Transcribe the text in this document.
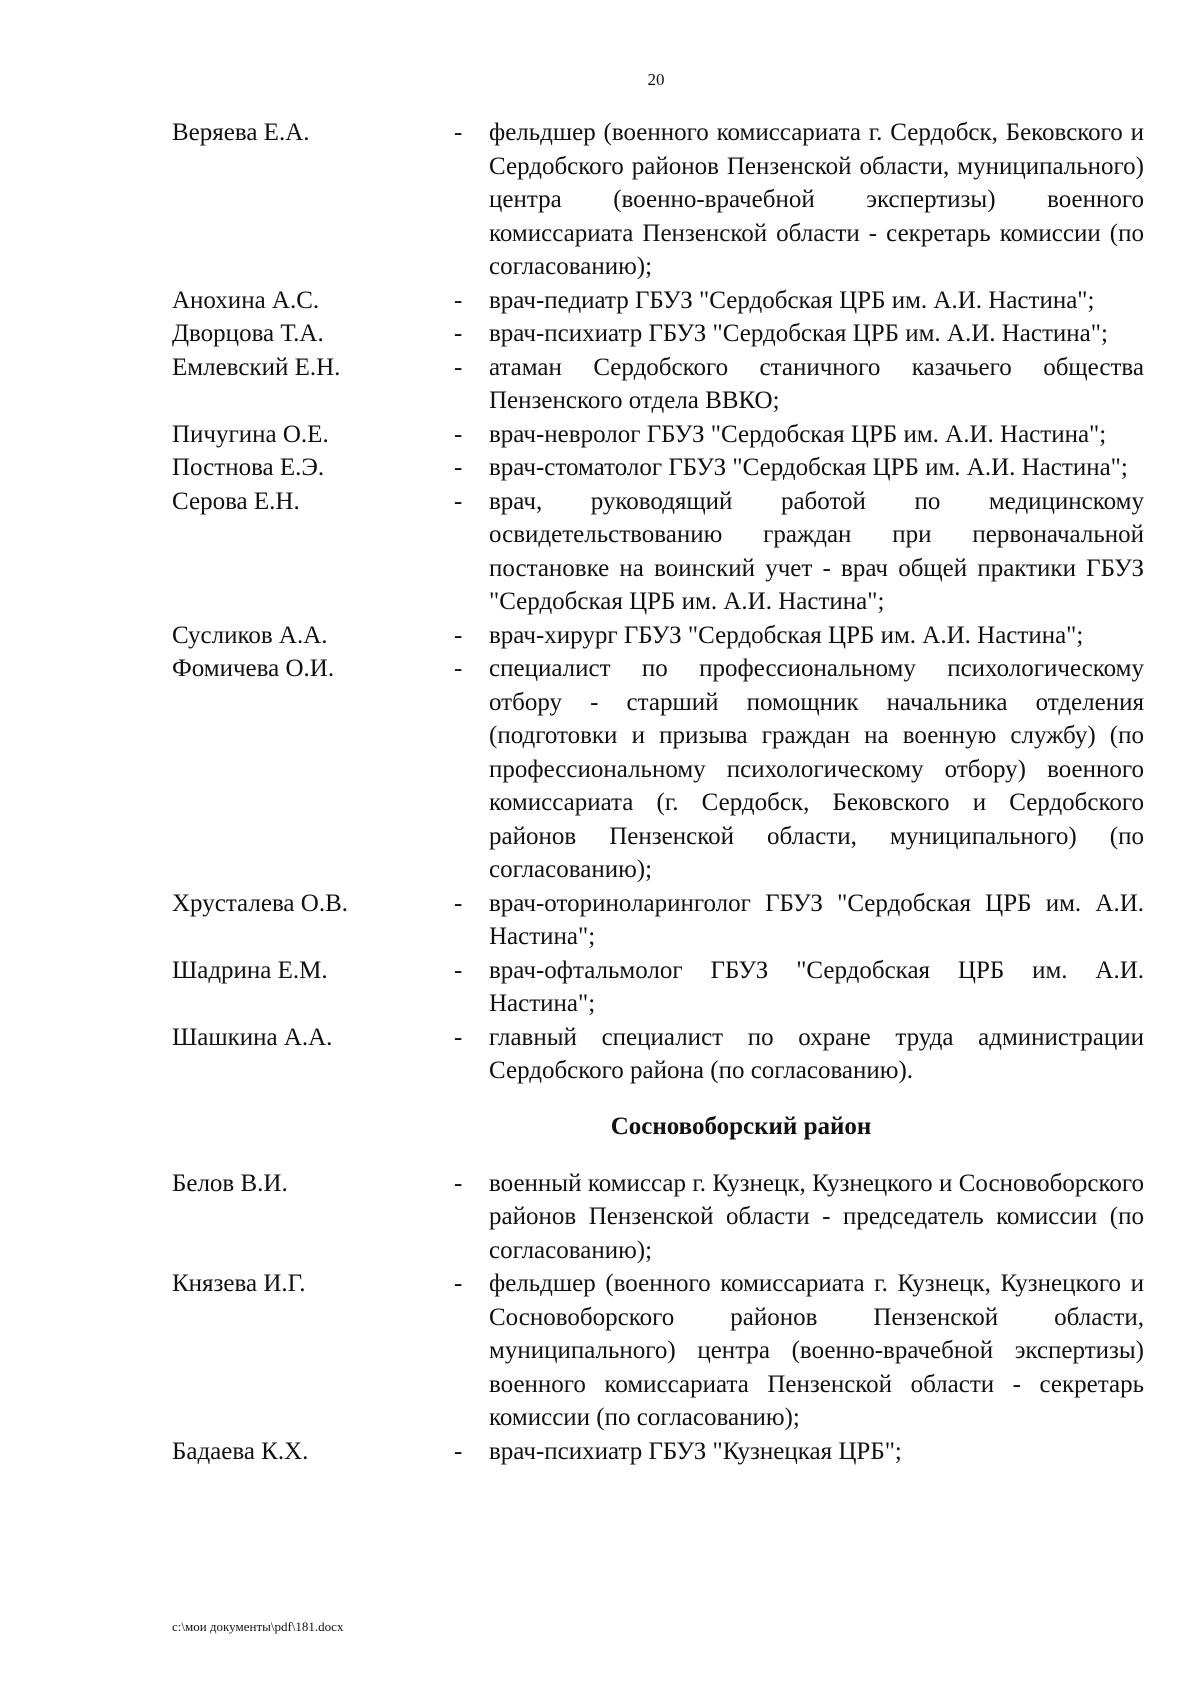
20
Веряева Е.А.	-	фельдшер (военного комиссариата г. Сердобск, Бековского и Сердобского районов Пензенской области, муниципального) центра (военно-врачебной экспертизы) военного комиссариата Пензенской области - секретарь комиссии (по согласованию);
Анохина А.С.	-	врач-педиатр ГБУЗ "Сердобская ЦРБ им. А.И. Настина";
Дворцова Т.А.	-	врач-психиатр ГБУЗ "Сердобская ЦРБ им. А.И. Настина";
Емлевский Е.Н.	-	атаман Сердобского станичного казачьего общества Пензенского отдела ВВКО;
Пичугина О.Е.	-	врач-невролог ГБУЗ "Сердобская ЦРБ им. А.И. Настина";
Постнова Е.Э.	-	врач-стоматолог ГБУЗ "Сердобская ЦРБ им. А.И. Настина";
Серова Е.Н.	-	врач, руководящий работой по медицинскому освидетельствованию граждан при первоначальной постановке на воинский учет - врач общей практики ГБУЗ "Сердобская ЦРБ им. А.И. Настина";
Сусликов А.А.	-	врач-хирург ГБУЗ "Сердобская ЦРБ им. А.И. Настина";
Фомичева О.И.	-	специалист по профессиональному психологическому отбору - старший помощник начальника отделения (подготовки и призыва граждан на военную службу) (по профессиональному психологическому отбору) военного комиссариата (г. Сердобск, Бековского и Сердобского районов Пензенской области, муниципального) (по согласованию);
Хрусталева О.В.	-	врач-оториноларинголог ГБУЗ "Сердобская ЦРБ им. А.И. Настина";
Шадрина Е.М.	-	врач-офтальмолог ГБУЗ "Сердобская ЦРБ им. А.И. Настина";
Шашкина А.А.	-	главный специалист по охране труда администрации Сердобского района (по согласованию).
Сосновоборский район
Белов В.И.	-	военный комиссар г. Кузнецк, Кузнецкого и Сосновоборского районов Пензенской области - председатель комиссии (по согласованию);
Князева И.Г.	-	фельдшер (военного комиссариата г. Кузнецк, Кузнецкого и Сосновоборского районов Пензенской области, муниципального) центра (военно-врачебной экспертизы) военного комиссариата Пензенской области - секретарь комиссии (по согласованию);
Бадаева К.Х.	-	врач-психиатр ГБУЗ "Кузнецкая ЦРБ";
c:\мои документы\pdf\181.docx
